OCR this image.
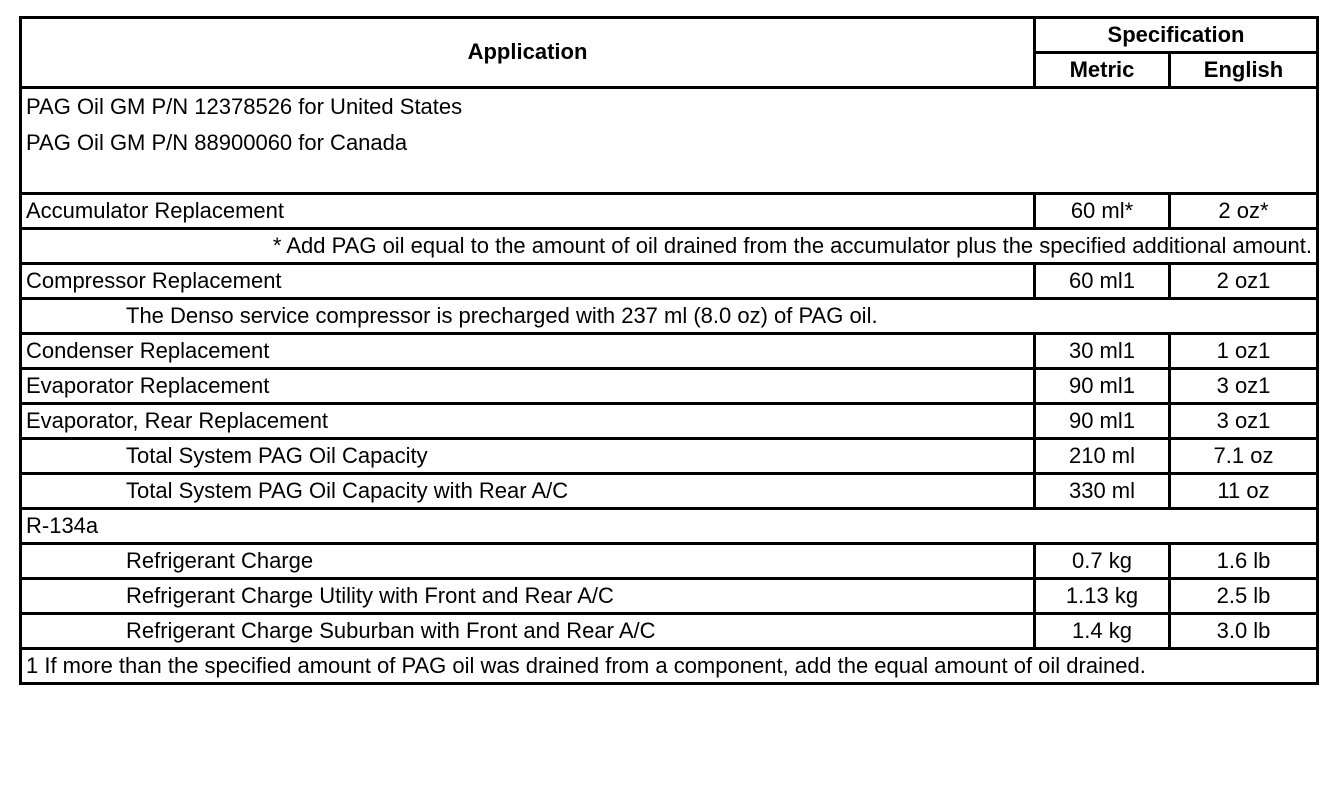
Application	Specification	
	Metric	English

PAG Oil GM P/N 12378526 for United States
PAG Oil GM P/N 88900060 for Canada		

Accumulator Replacement	60 ml*	2 oz*
* Add PAG oil equal to the amount of oil drained from the accumulator plus the specified additional amount.		
Compressor Replacement	60 ml1	2 oz1
The Denso service compressor is precharged with 237 ml (8.0 oz) of PAG oil.		
Condenser Replacement	30 ml1	1 oz1
Evaporator Replacement	90 ml1	3 oz1
Evaporator, Rear Replacement	90 ml1	3 oz1
Total System PAG Oil Capacity	210 ml	7.1 oz
Total System PAG Oil Capacity with Rear A/C	330 ml	11 oz
R-134a		
Refrigerant Charge	0.7 kg	1.6 lb
Refrigerant Charge Utility with Front and Rear A/C	1.13 kg	2.5 lb
Refrigerant Charge Suburban with Front and Rear A/C	1.4 kg	3.0 lb
1 If more than the specified amount of PAG oil was drained from a component, add the equal amount of oil drained.		
